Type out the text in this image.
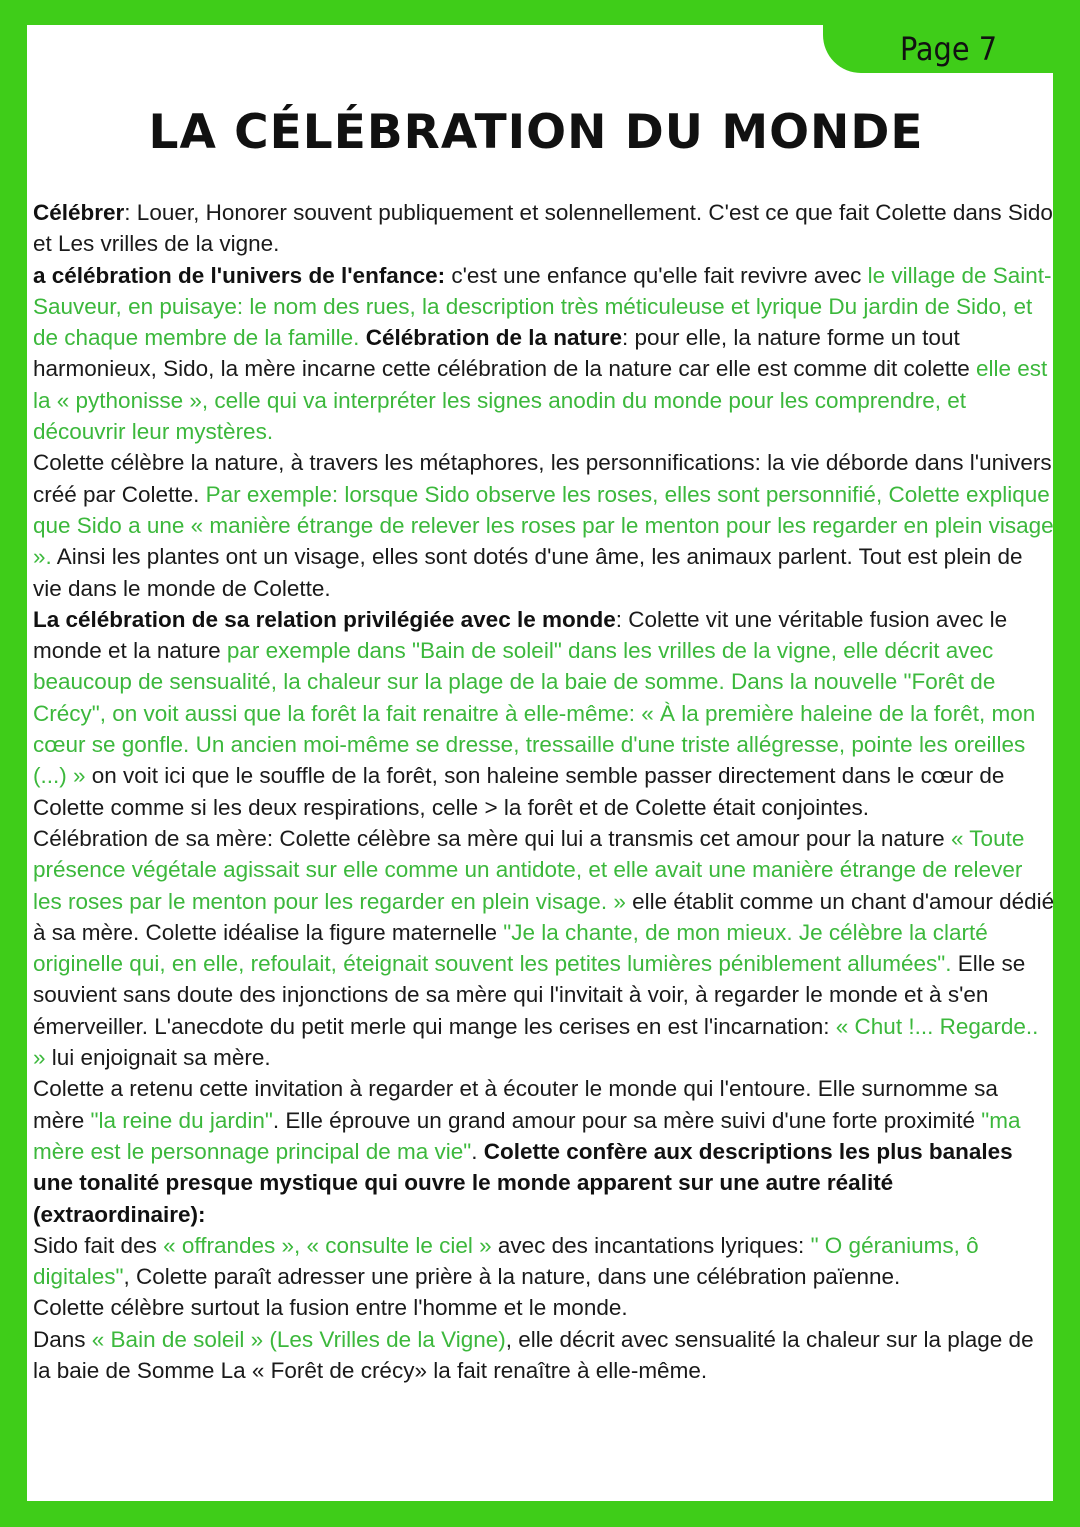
Page 7
LA CÉLÉBRATION DU MONDE

Célébrer: Louer, Honorer souvent publiquement et solennellement. C'est ce que fait Colette dans Sido et Les vrilles de la vigne.

a célébration de l'univers de l'enfance: c'est une enfance qu'elle fait revivre avec le village de Saint-Sauveur, en puisaye: le nom des rues, la description très méticuleuse et lyrique Du jardin de Sido, et de chaque membre de la famille. Célébration de la nature: pour elle, la nature forme un tout harmonieux, Sido, la mère incarne cette célébration de la nature car elle est comme dit colette elle est la « pythonisse », celle qui va interpréter les signes anodin du monde pour les comprendre, et découvrir leur mystères.

Colette célèbre la nature, à travers les métaphores, les personnifications: la vie déborde dans l'univers créé par Colette. Par exemple: lorsque Sido observe les roses, elles sont personnifié, Colette explique que Sido a une « manière étrange de relever les roses par le menton pour les regarder en plein visage ». Ainsi les plantes ont un visage, elles sont dotés d'une âme, les animaux parlent. Tout est plein de vie dans le monde de Colette.

La célébration de sa relation privilégiée avec le monde: Colette vit une véritable fusion avec le monde et la nature par exemple dans "Bain de soleil" dans les vrilles de la vigne, elle décrit avec beaucoup de sensualité, la chaleur sur la plage de la baie de somme. Dans la nouvelle "Forêt de Crécy", on voit aussi que la forêt la fait renaitre à elle-même: « À la première haleine de la forêt, mon cœur se gonfle. Un ancien moi-même se dresse, tressaille d'une triste allégresse, pointe les oreilles (...) » on voit ici que le souffle de la forêt, son haleine semble passer directement dans le cœur de Colette comme si les deux respirations, celle > la forêt et de Colette était conjointes.

Célébration de sa mère: Colette célèbre sa mère qui lui a transmis cet amour pour la nature « Toute présence végétale agissait sur elle comme un antidote, et elle avait une manière étrange de relever les roses par le menton pour les regarder en plein visage. » elle établit comme un chant d'amour dédié à sa mère. Colette idéalise la figure maternelle "Je la chante, de mon mieux. Je célèbre la clarté originelle qui, en elle, refoulait, éteignait souvent les petites lumières péniblement allumées". Elle se souvient sans doute des injonctions de sa mère qui l'invitait à voir, à regarder le monde et à s'en émerveiller. L'anecdote du petit merle qui mange les cerises en est l'incarnation: « Chut !... Regarde.. » lui enjoignait sa mère.

Colette a retenu cette invitation à regarder et à écouter le monde qui l'entoure. Elle surnomme sa mère "la reine du jardin". Elle éprouve un grand amour pour sa mère suivi d'une forte proximité "ma mère est le personnage principal de ma vie". Colette confère aux descriptions les plus banales une tonalité presque mystique qui ouvre le monde apparent sur une autre réalité (extraordinaire):

Sido fait des « offrandes », « consulte le ciel » avec des incantations lyriques: " O géraniums, ô digitales", Colette paraît adresser une prière à la nature, dans une célébration païenne.

Colette célèbre surtout la fusion entre l'homme et le monde.

Dans « Bain de soleil » (Les Vrilles de la Vigne), elle décrit avec sensualité la chaleur sur la plage de la baie de Somme La « Forêt de crécy» la fait renaître à elle-même.
